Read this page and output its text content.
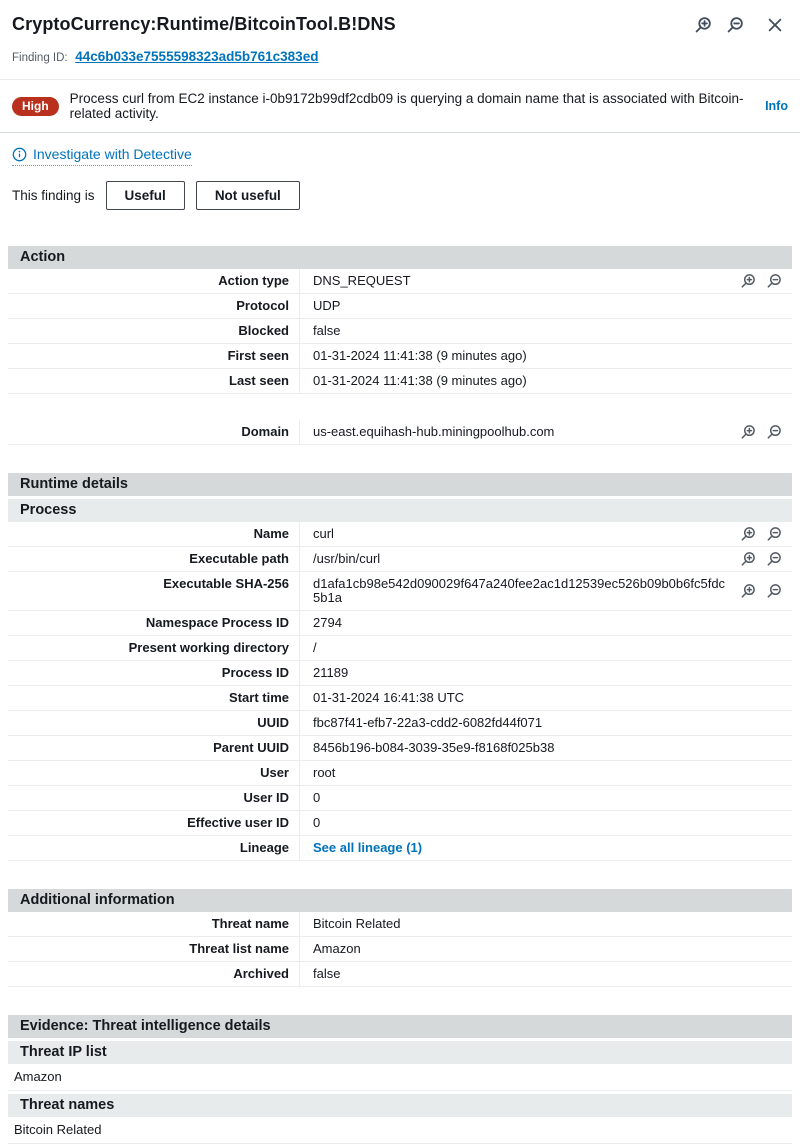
CryptoCurrency:Runtime/BitcoinTool.B!DNS
Finding ID: 44c6b033e7555598323ad5b761c383ed
High	Process curl from EC2 instance i-0b9172b99df2cdb09 is querying a domain name that is associated with Bitcoin-related activity.	Info
Investigate with Detective
This finding is	Useful	Not useful
Action
Action type	DNS_REQUEST
Protocol	UDP
Blocked	false
First seen	01-31-2024 11:41:38 (9 minutes ago)
Last seen	01-31-2024 11:41:38 (9 minutes ago)
Domain	us-east.equihash-hub.miningpoolhub.com
Runtime details
Process
Name	curl
Executable path	/usr/bin/curl
Executable SHA-256	d1afa1cb98e542d090029f647a240fee2ac1d12539ec526b09b0b6fc5fdc5b1a
Namespace Process ID	2794
Present working directory	/
Process ID	21189
Start time	01-31-2024 16:41:38 UTC
UUID	fbc87f41-efb7-22a3-cdd2-6082fd44f071
Parent UUID	8456b196-b084-3039-35e9-f8168f025b38
User	root
User ID	0
Effective user ID	0
Lineage	See all lineage (1)
Additional information
Threat name	Bitcoin Related
Threat list name	Amazon
Archived	false
Evidence: Threat intelligence details
Threat IP list
Amazon
Threat names
Bitcoin Related
